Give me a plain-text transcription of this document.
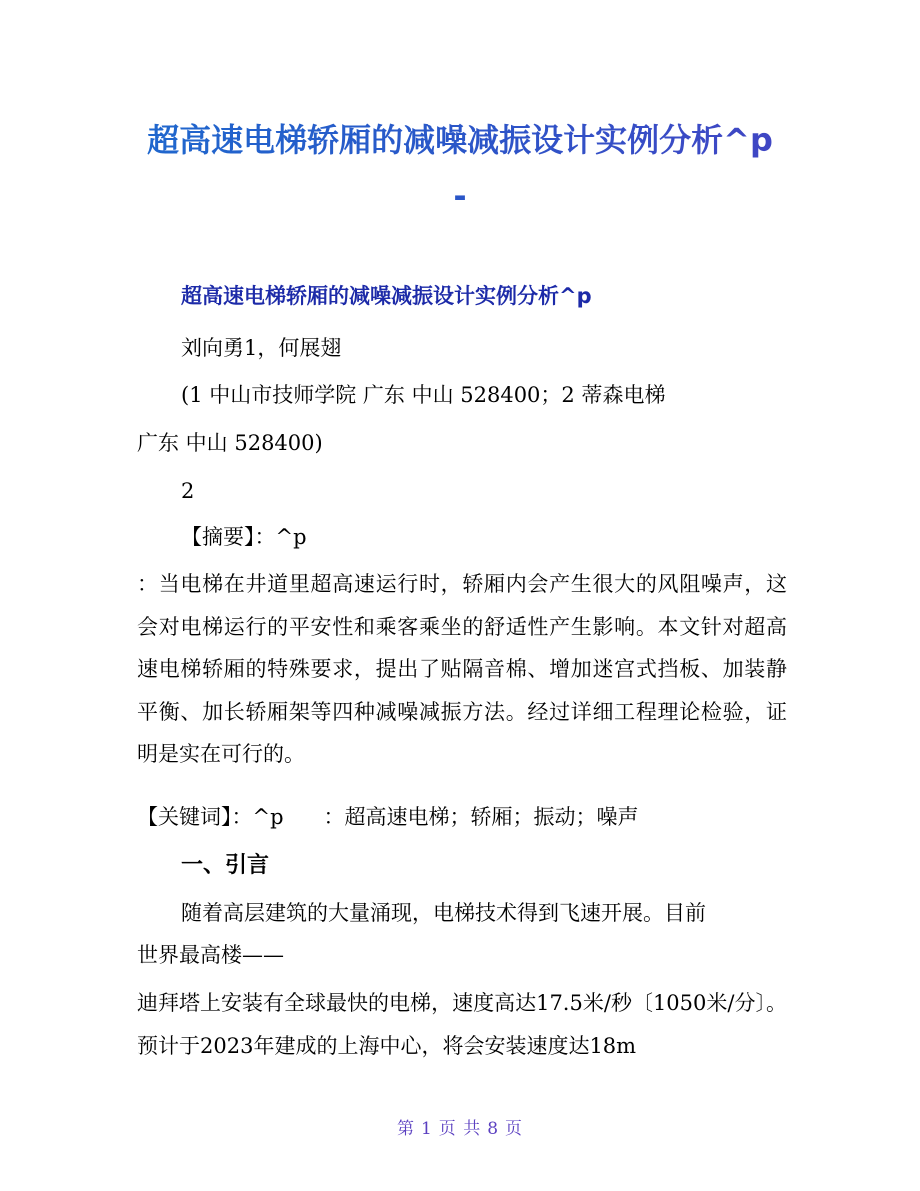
超高速电梯轿厢的减噪减振设计实例分析^p
-
超高速电梯轿厢的减噪减振设计实例分析^p
刘向勇1，何展翅
(1 中山市技师学院 广东 中山 528400；2 蒂森电梯
广东 中山 528400)
2
【摘要】：^p
：当电梯在井道里超高速运行时，轿厢内会产生很大的风阻噪声，这会对电梯运行的平安性和乘客乘坐的舒适性产生影响。本文针对超高速电梯轿厢的特殊要求，提出了贴隔音棉、增加迷宫式挡板、加装静平衡、加长轿厢架等四种减噪减振方法。经过详细工程理论检验，证明是实在可行的。
【关键词】：^p ：超高速电梯；轿厢；振动；噪声
一、引言
随着高层建筑的大量涌现，电梯技术得到飞速开展。目前
世界最高楼——
迪拜塔上安装有全球最快的电梯，速度高达17.5米/秒〔1050米/分〕。预计于2023年建成的上海中心，将会安装速度达18m
第 1 页 共 8 页
